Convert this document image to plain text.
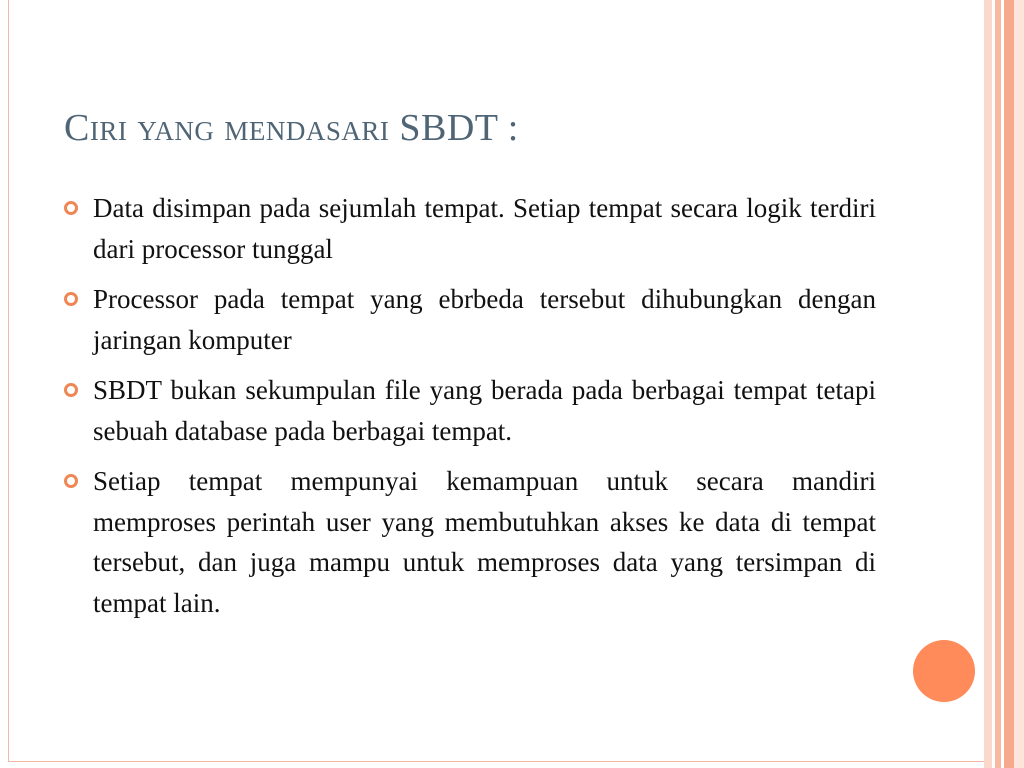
Ciri yang mendasari SBDT :
Data disimpan pada sejumlah tempat. Setiap tempat secara logik terdiri dari processor tunggal
Processor pada tempat yang ebrbeda tersebut dihubungkan dengan jaringan komputer
SBDT bukan sekumpulan file yang berada pada berbagai tempat tetapi sebuah database pada berbagai tempat.
Setiap tempat mempunyai kemampuan untuk secara mandiri memproses perintah user yang membutuhkan akses ke data di tempat tersebut, dan juga mampu untuk memproses data yang tersimpan di tempat lain.
